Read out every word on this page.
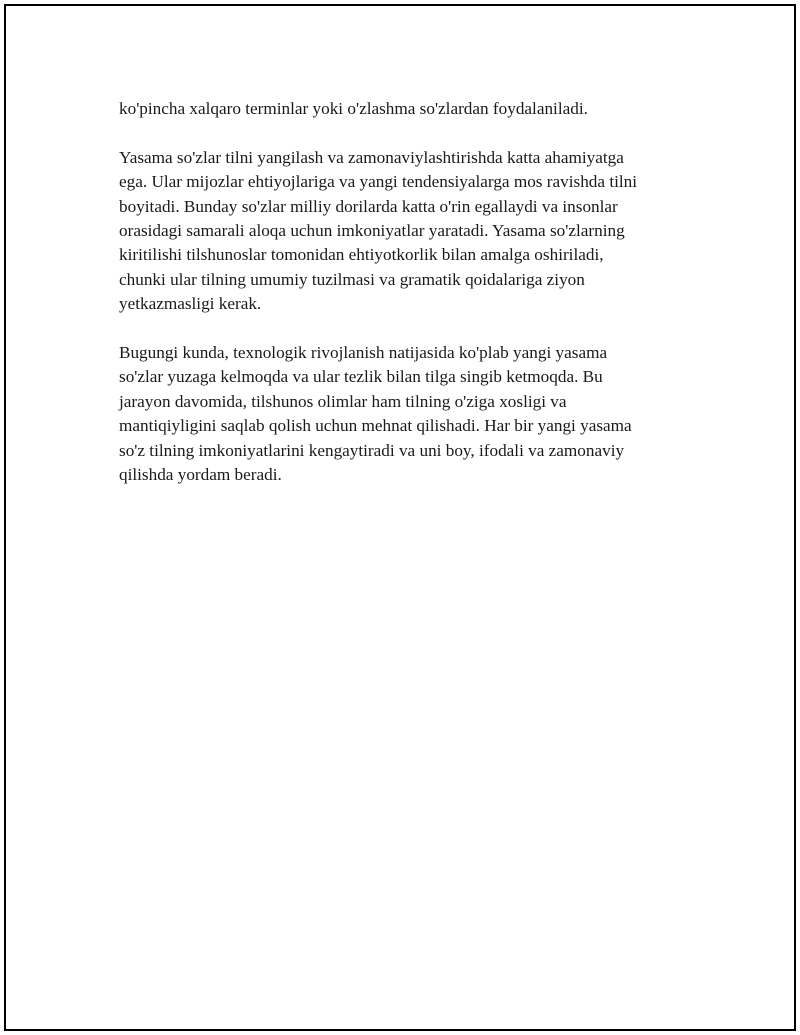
ko'pincha xalqaro terminlar yoki o'zlashma so'zlardan foydalaniladi.

Yasama so'zlar tilni yangilash va zamonaviylashtirishda katta ahamiyatga
ega. Ular mijozlar ehtiyojlariga va yangi tendensiyalarga mos ravishda tilni
boyitadi. Bunday so'zlar milliy dorilarda katta o'rin egallaydi va insonlar
orasidagi samarali aloqa uchun imkoniyatlar yaratadi. Yasama so'zlarning
kiritilishi tilshunoslar tomonidan ehtiyotkorlik bilan amalga oshiriladi,
chunki ular tilning umumiy tuzilmasi va gramatik qoidalariga ziyon
yetkazmasligi kerak.

Bugungi kunda, texnologik rivojlanish natijasida ko'plab yangi yasama
so'zlar yuzaga kelmoqda va ular tezlik bilan tilga singib ketmoqda. Bu
jarayon davomida, tilshunos olimlar ham tilning o'ziga xosligi va
mantiqiyligini saqlab qolish uchun mehnat qilishadi. Har bir yangi yasama
so'z tilning imkoniyatlarini kengaytiradi va uni boy, ifodali va zamonaviy
qilishda yordam beradi.
